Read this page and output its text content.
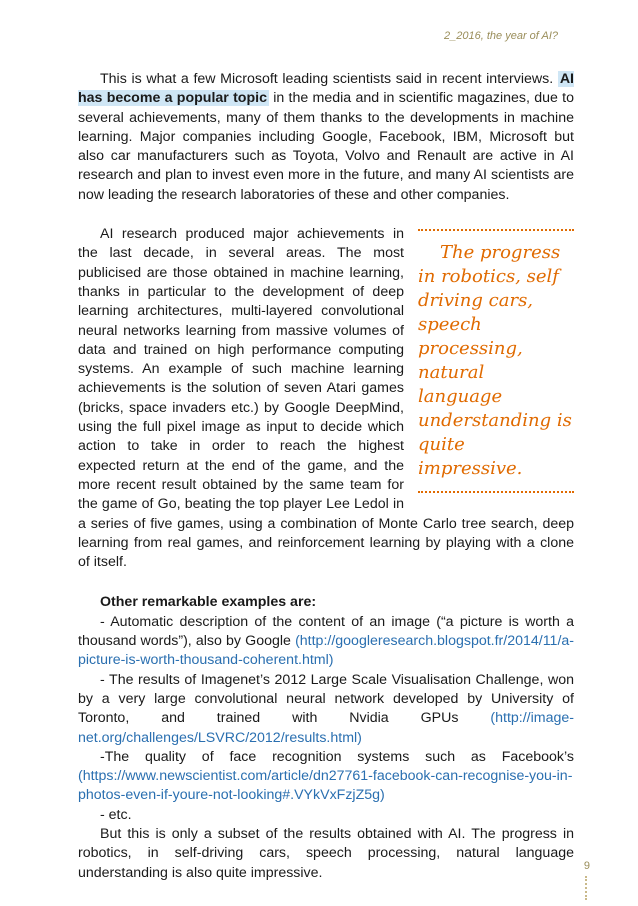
2_2016, the year of AI?

This is what a few Microsoft leading scientists said in recent interviews. AI has become a popular topic in the media and in scientific magazines, due to several achievements, many of them thanks to the developments in machine learning. Major companies including Google, Facebook, IBM, Microsoft but also car manufacturers such as Toyota, Volvo and Renault are active in AI research and plan to invest even more in the future, and many AI scientists are now leading the research laboratories of these and other companies.

The progress in robotics, self driving cars, speech processing, natural language understanding is quite impressive.
AI research produced major achievements in the last decade, in several areas. The most publicised are those obtained in machine learning, thanks in particular to the development of deep learning architectures, multi-layered convolutional neural networks learning from massive volumes of data and trained on high performance computing systems. An example of such machine learning achievements is the solution of seven Atari games (bricks, space invaders etc.) by Google DeepMind, using the full pixel image as input to decide which action to take in order to reach the highest expected return at the end of the game, and the more recent result obtained by the same team for the game of Go, beating the top player Lee Ledol in a series of five games, using a combination of Monte Carlo tree search, deep learning from real games, and reinforcement learning by playing with a clone of itself.

Other remarkable examples are:

- Automatic description of the content of an image (“a picture is worth a thousand words”), also by Google (http://googleresearch.blogspot.fr/2014/11/a-picture-is-worth-thousand-coherent.html)

- The results of Imagenet’s 2012 Large Scale Visualisation Challenge, won by a very large convolutional neural network developed by University of Toronto, and trained with Nvidia GPUs (http://image-net.org/challenges/LSVRC/2012/results.html)

-The quality of face recognition systems such as Facebook’s (https://www.newscientist.com/article/dn27761-facebook-can-recognise-you-in-photos-even-if-youre-not-looking#.VYkVxFzjZ5g)

- etc.

But this is only a subset of the results obtained with AI. The progress in robotics, in self-driving cars, speech processing, natural language understanding is also quite impressive.	9
